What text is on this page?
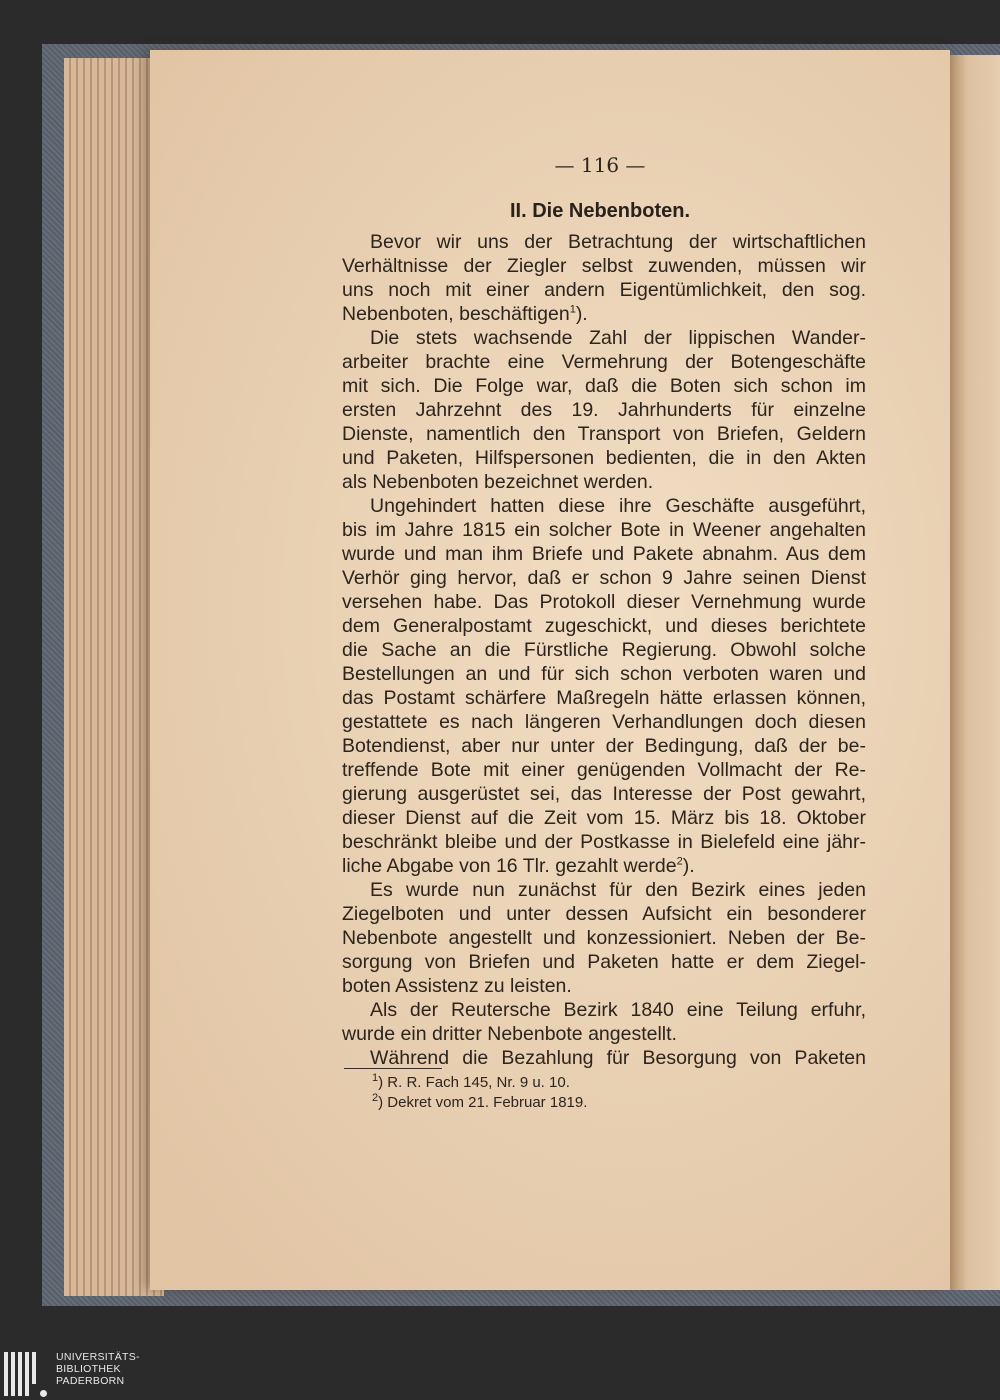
— 116 —
II. Die Nebenboten.
Bevor wir uns der Betrachtung der wirtschaftlichen
Verhältnisse der Ziegler selbst zuwenden, müssen wir
uns noch mit einer andern Eigentümlichkeit, den sog.
Nebenboten, beschäftigen$^1$).
Die stets wachsende Zahl der lippischen Wander-
arbeiter brachte eine Vermehrung der Botengeschäfte
mit sich. Die Folge war, daß die Boten sich schon im
ersten Jahrzehnt des 19. Jahrhunderts für einzelne
Dienste, namentlich den Transport von Briefen, Geldern
und Paketen, Hilfspersonen bedienten, die in den Akten
als Nebenboten bezeichnet werden.
Ungehindert hatten diese ihre Geschäfte ausgeführt,
bis im Jahre 1815 ein solcher Bote in Weener angehalten
wurde und man ihm Briefe und Pakete abnahm. Aus dem
Verhör ging hervor, daß er schon 9 Jahre seinen Dienst
versehen habe. Das Protokoll dieser Vernehmung wurde
dem Generalpostamt zugeschickt, und dieses berichtete
die Sache an die Fürstliche Regierung. Obwohl solche
Bestellungen an und für sich schon verboten waren und
das Postamt schärfere Maßregeln hätte erlassen können,
gestattete es nach längeren Verhandlungen doch diesen
Botendienst, aber nur unter der Bedingung, daß der be-
treffende Bote mit einer genügenden Vollmacht der Re-
gierung ausgerüstet sei, das Interesse der Post gewahrt,
dieser Dienst auf die Zeit vom 15. März bis 18. Oktober
beschränkt bleibe und der Postkasse in Bielefeld eine jähr-
liche Abgabe von 16 Tlr. gezahlt werde$^2$).
Es wurde nun zunächst für den Bezirk eines jeden
Ziegelboten und unter dessen Aufsicht ein besonderer
Nebenbote angestellt und konzessioniert. Neben der Be-
sorgung von Briefen und Paketen hatte er dem Ziegel-
boten Assistenz zu leisten.
Als der Reutersche Bezirk 1840 eine Teilung erfuhr,
wurde ein dritter Nebenbote angestellt.
Während die Bezahlung für Besorgung von Paketen
$^1$) R. R. Fach 145, Nr. 9 u. 10.
$^2$) Dekret vom 21. Februar 1819.
UNIVERSITÄTS-
BIBLIOTHEK
PADERBORN
